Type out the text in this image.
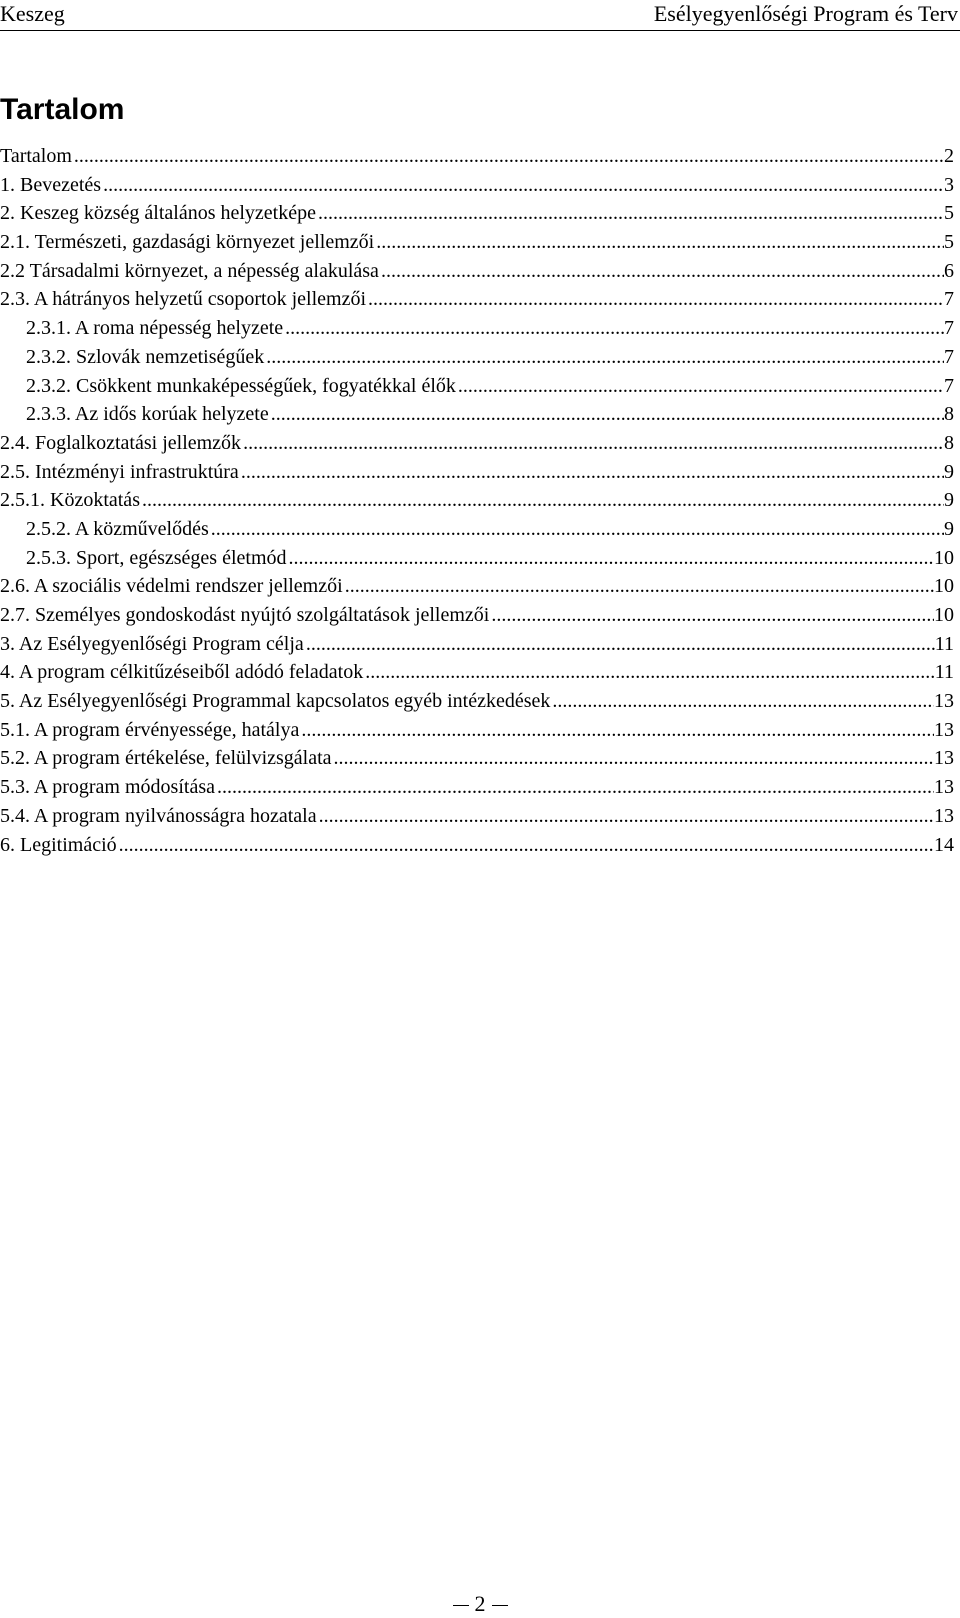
Keszeg	Esélyegyenlőségi Program és Terv
Tartalom
Tartalom .....	2
1. Bevezetés .....	3
2. Keszeg község általános helyzetképe .....	5
2.1. Természeti, gazdasági környezet jellemzői .....	5
2.2 Társadalmi környezet, a népesség alakulása .....	6
2.3. A hátrányos helyzetű csoportok jellemzői .....	7
2.3.1. A roma népesség helyzete .....	7
2.3.2. Szlovák nemzetiségűek .....	7
2.3.2. Csökkent munkaképességűek, fogyatékkal élők .....	7
2.3.3. Az idős korúak helyzete .....	8
2.4. Foglalkoztatási jellemzők .....	8
2.5. Intézményi infrastruktúra .....	9
2.5.1. Közoktatás .....	9
2.5.2. A közművelődés .....	9
2.5.3. Sport, egészséges életmód .....	10
2.6. A szociális védelmi rendszer jellemzői .....	10
2.7. Személyes gondoskodást nyújtó szolgáltatások jellemzői .....	10
3. Az Esélyegyenlőségi Program célja .....	11
4. A program célkitűzéseiből adódó feladatok .....	11
5. Az Esélyegyenlőségi Programmal kapcsolatos egyéb intézkedések .....	13
5.1. A program érvényessége, hatálya .....	13
5.2. A program értékelése, felülvizsgálata .....	13
5.3. A program módosítása .....	13
5.4. A program nyilvánosságra hozatala .....	13
6. Legitimáció .....	14
2
